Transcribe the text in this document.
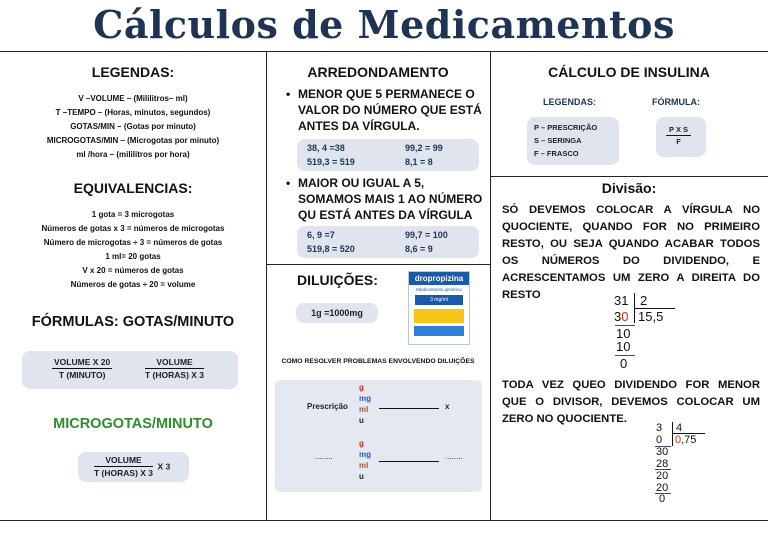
Cálculos de Medicamentos
LEGENDAS:
V –VOLUME – (Mililitros– ml)
T –TEMPO – (Horas, minutos, segundos)
GOTAS/MIN – (Gotas por minuto)
MICROGOTAS/MIN – (Microgotas por minuto)
ml /hora – (mililitros por hora)
EQUIVALENCIAS:
1 gota = 3 microgotas
Números de gotas x 3 = números de microgotas
Número de microgotas ÷ 3 = números de gotas
1 ml= 20 gotas
V x 20 = números de gotas
Números de gotas ÷ 20 = volume
FÓRMULAS: GOTAS/MINUTO
$\frac{\text{VOLUME X 20}}{\text{T (MINUTO)}}$	$\frac{\text{VOLUME}}{\text{T (HORAS) X 3}}$
MICROGOTAS/MINUTO
$\frac{\text{VOLUME}}{\text{T (HORAS) X 3}}$ X 3
ARREDONDAMENTO
• MENOR QUE 5 PERMANECE O VALOR DO NÚMERO QUE ESTÁ ANTES DA VÍRGULA.
38, 4 =38	99,2 = 99
519,3 = 519	8,1 = 8
• MAIOR OU IGUAL A 5, SOMAMOS MAIS 1 AO NÚMERO QU ESTÁ ANTES DA VÍRGULA
6, 9 =7	99,7 = 100
519,8 = 520	8,6 = 9
DILUIÇÕES:
1g =1000mg
dropropizina
Medicamento genérico
3 mg/ml
COMO RESOLVER PROBLEMAS ENVOLVENDO DILUIÇÕES
Prescrição
g
mg
ml
u
x
........
g
mg
ml
u
........
CÁLCULO DE INSULINA
LEGENDAS:	FÓRMULA:
P – PRESCRIÇÃO
S – SERINGA
F – FRASCO
$\frac{\text{P X S}}{F}$
Divisão:
SÓ DEVEMOS COLOCAR A VÍRGULA NO QUOCIENTE, QUANDO FOR NO PRIMEIRO RESTO, OU SEJA QUANDO ACABAR TODOS OS NÚMEROS DO DIVIDENDO, E ACRESCENTAMOS UM ZERO A DIREITA DO RESTO	31 2
30 15,5
10
10
0
TODA VEZ QUEO DIVIDENDO FOR MENOR QUE O DIVISOR, DEVEMOS COLOCAR UM ZERO NO QUOCIENTE.
3 4
0 0,75
30
28
20
20
0
